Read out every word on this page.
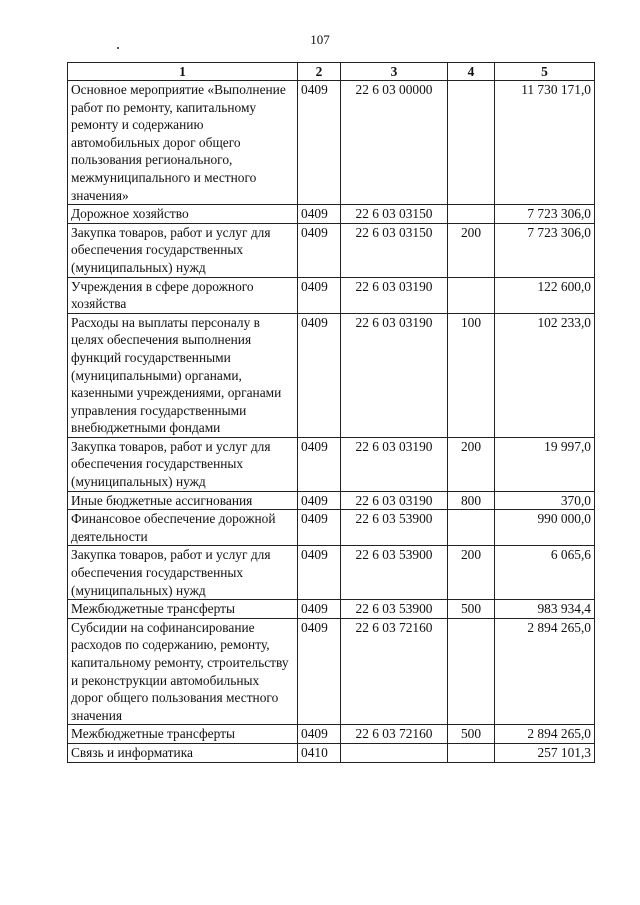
107
1	2	3	4	5
Основное мероприятие «Выполнение работ по ремонту, капитальному ремонту и содержанию автомобильных дорог общего пользования регионального, межмуниципального и местного значения»	0409	22 6 03 00000		11 730 171,0
Дорожное хозяйство	0409	22 6 03 03150		7 723 306,0
Закупка товаров, работ и услуг для обеспечения государственных (муниципальных) нужд	0409	22 6 03 03150	200	7 723 306,0
Учреждения в сфере дорожного хозяйства	0409	22 6 03 03190		122 600,0
Расходы на выплаты персоналу в целях обеспечения выполнения функций государственными (муниципальными) органами, казенными учреждениями, органами управления государственными внебюджетными фондами	0409	22 6 03 03190	100	102 233,0
Закупка товаров, работ и услуг для обеспечения государственных (муниципальных) нужд	0409	22 6 03 03190	200	19 997,0
Иные бюджетные ассигнования	0409	22 6 03 03190	800	370,0
Финансовое обеспечение дорожной деятельности	0409	22 6 03 53900		990 000,0
Закупка товаров, работ и услуг для обеспечения государственных (муниципальных) нужд	0409	22 6 03 53900	200	6 065,6
Межбюджетные трансферты	0409	22 6 03 53900	500	983 934,4
Субсидии на софинансирование расходов по содержанию, ремонту, капитальному ремонту, строительству и реконструкции автомобильных дорог общего пользования местного значения	0409	22 6 03 72160		2 894 265,0
Межбюджетные трансферты	0409	22 6 03 72160	500	2 894 265,0
Связь и информатика	0410			257 101,3
